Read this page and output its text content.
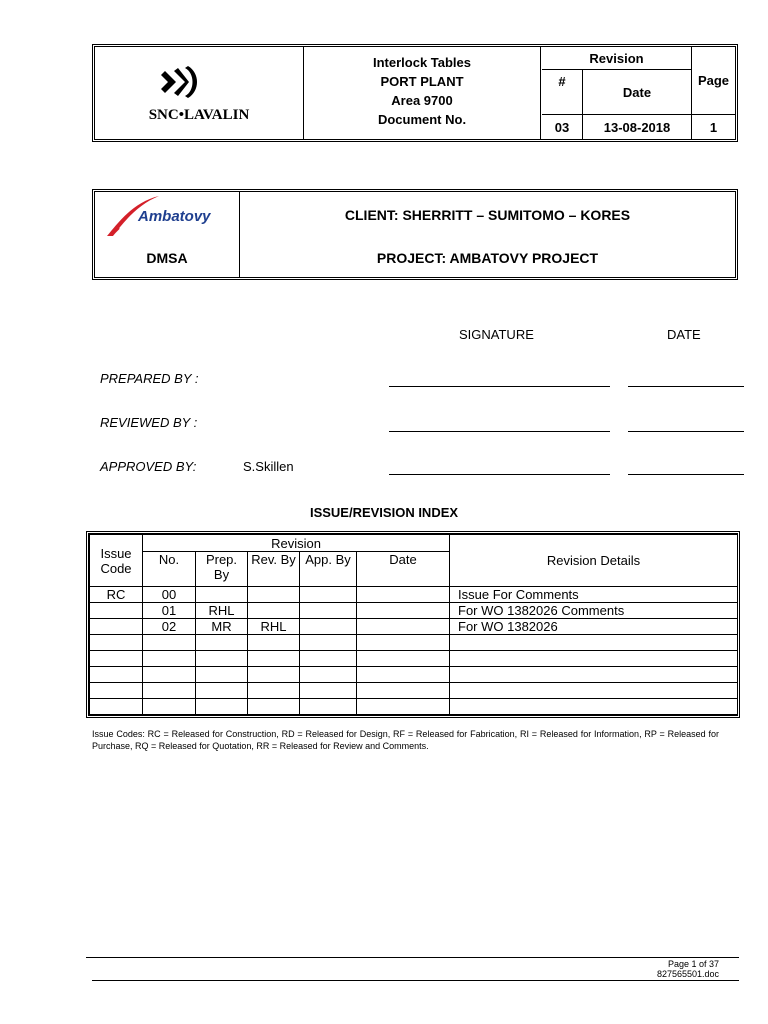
SNC•LAVALIN
Interlock Tables
PORT PLANT
Area 9700
Document No.
Revision
Page
#
Date
03	13-08-2018	1
Ambatovy
DMSA
CLIENT: SHERRITT – SUMITOMO – KORES
PROJECT: AMBATOVY PROJECT
SIGNATURE	DATE
PREPARED BY :
REVIEWED BY :
APPROVED BY:	S.Skillen
ISSUE/REVISION INDEX
Issue Code	Revision					Revision Details
	No.	Prep. By	Rev. By	App. By	Date	
RC	00					Issue For Comments
	01	RHL				For WO 1382026 Comments
	02	MR	RHL			For WO 1382026

Issue Codes: RC = Released for Construction, RD = Released for Design, RF = Released for Fabrication, RI = Released for Information, RP = Released for Purchase, RQ = Released for Quotation, RR = Released for Review and Comments.
Page 1 of 37
827565501.doc
